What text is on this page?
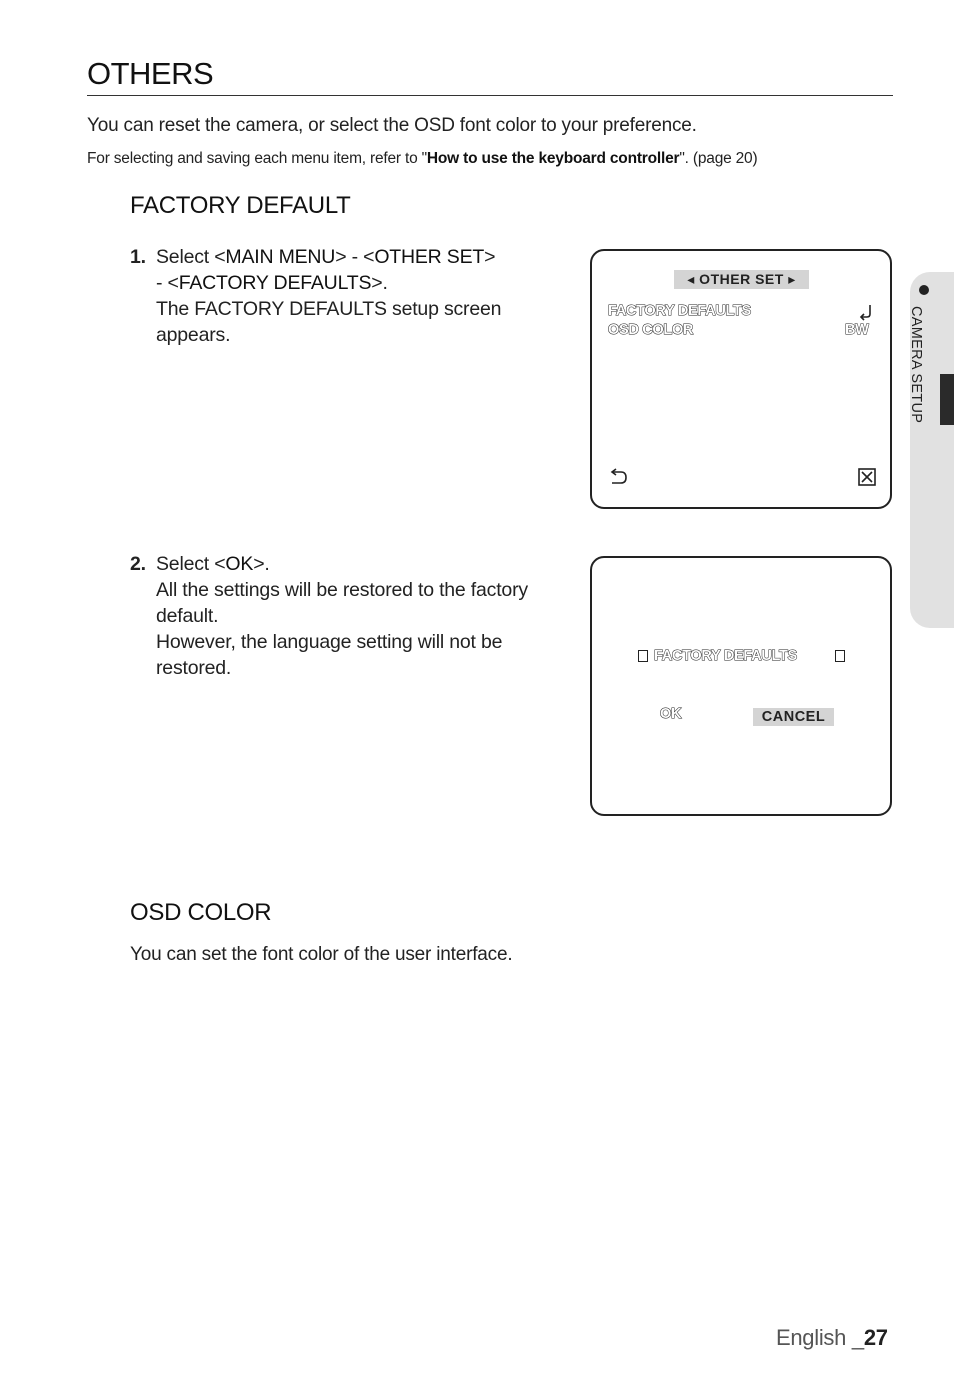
OTHERS
You can reset the camera, or select the OSD font color to your preference.
For selecting and saving each menu item, refer to "How to use the keyboard controller". (page 20)
FACTORY DEFAULT
1. Select <MAIN MENU> - <OTHER SET>
- <FACTORY DEFAULTS>.
The FACTORY DEFAULTS setup screen
appears.
2. Select <OK>.
All the settings will be restored to the factory
default.
However, the language setting will not be
restored.
◂ OTHER SET ▸
FACTORY DEFAULTS
OSD COLOR	BW
FACTORY DEFAULTS
OK	CANCEL
OSD COLOR
You can set the font color of the user interface.
CAMERA SETUP
English _27
